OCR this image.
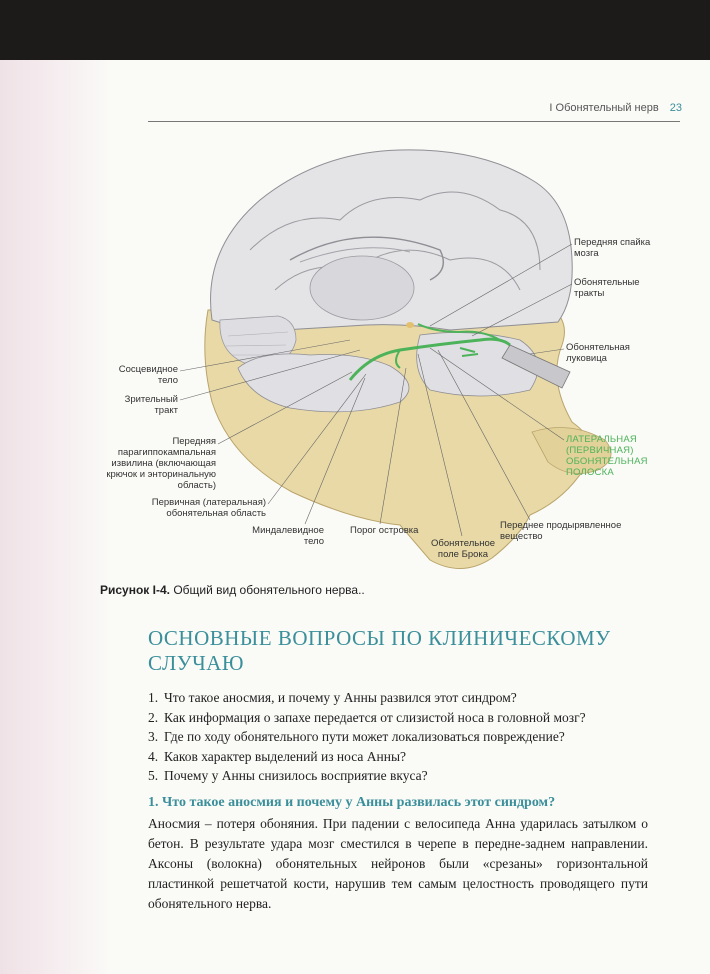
I Обонятельный нерв 23
Передняя спайка мозга
Обонятельные тракты
Обонятельная луковица
ЛАТЕРАЛЬНАЯ (ПЕРВИЧНАЯ) ОБОНЯТЕЛЬНАЯ ПОЛОСКА
Переднее продырявленное вещество
Сосцевидное тело
Зрительный тракт
Передняя парагиппокампальная извилина (включающая крючок и энторинальную область)
Первичная (латеральная) обонятельная область
Миндалевидное тело
Порог островка
Обонятельное поле Брока
Рисунок I-4. Общий вид обонятельного нерва..
ОСНОВНЫЕ ВОПРОСЫ ПО КЛИНИЧЕСКОМУ СЛУЧАЮ
1. Что такое аносмия, и почему у Анны развился этот синдром?
2. Как информация о запахе передается от слизистой носа в головной мозг?
3. Где по ходу обонятельного пути может локализоваться повреждение?
4. Каков характер выделений из носа Анны?
5. Почему у Анны снизилось восприятие вкуса?
1. Что такое аносмия и почему у Анны развилась этот синдром?
Аносмия – потеря обоняния. При падении с велосипеда Анна ударилась затылком о бетон. В результате удара мозг сместился в черепе в передне-заднем направлении. Аксоны (волокна) обонятельных нейронов были «срезаны» горизонтальной пластинкой решетчатой кости, нарушив тем самым целостность проводящего пути обонятельного нерва.
